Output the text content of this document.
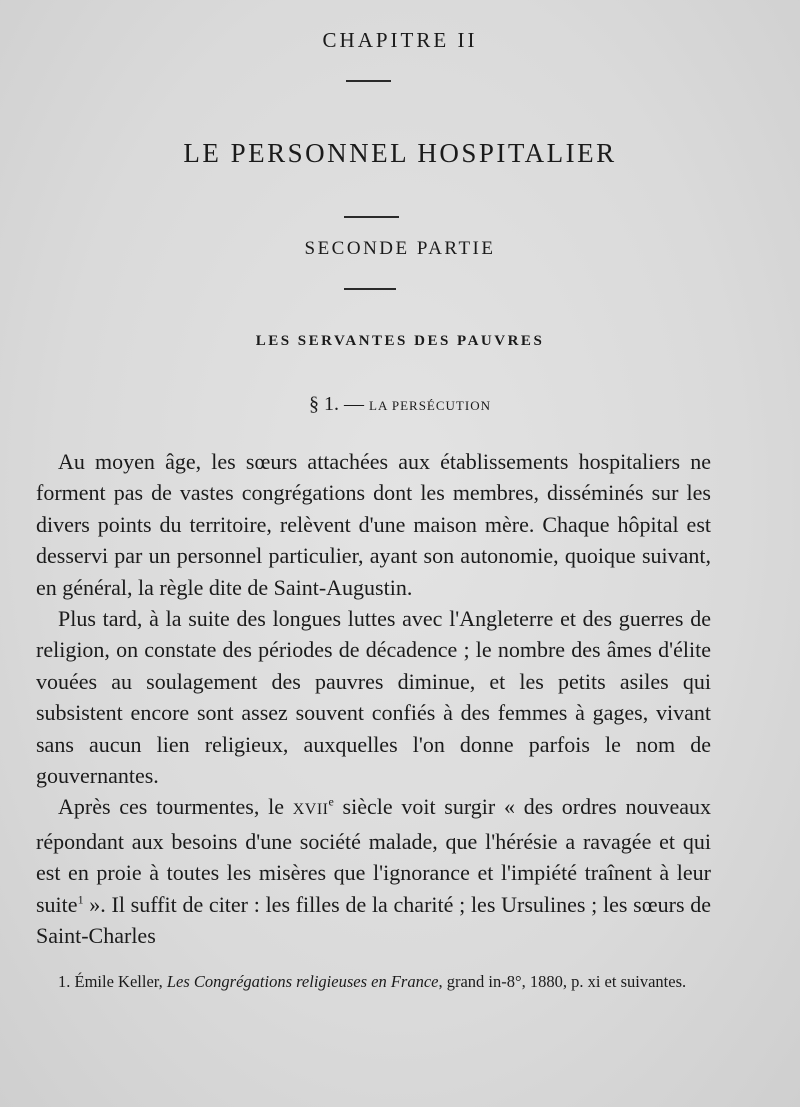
CHAPITRE II
LE PERSONNEL HOSPITALIER
SECONDE PARTIE
LES SERVANTES DES PAUVRES
§ 1. — LA PERSÉCUTION

Au moyen âge, les sœurs attachées aux établissements hospitaliers ne forment pas de vastes congrégations dont les membres, disséminés sur les divers points du territoire, relèvent d'une maison mère. Chaque hôpital est desservi par un personnel particulier, ayant son autonomie, quoique suivant, en général, la règle dite de Saint-Augustin.

Plus tard, à la suite des longues luttes avec l'Angleterre et des guerres de religion, on constate des périodes de décadence ; le nombre des âmes d'élite vouées au soulagement des pauvres diminue, et les petits asiles qui subsistent encore sont assez souvent confiés à des femmes à gages, vivant sans aucun lien religieux, auxquelles l'on donne parfois le nom de gouvernantes.

Après ces tourmentes, le XVIIe siècle voit surgir « des ordres nouveaux répondant aux besoins d'une société malade, que l'hérésie a ravagée et qui est en proie à toutes les misères que l'ignorance et l'impiété traînent à leur suite$^1$ ». Il suffit de citer : les filles de la charité ; les Ursulines ; les sœurs de Saint-Charles

1. Émile Keller, Les Congrégations religieuses en France, grand in-8°, 1880, p. xi et suivantes.
